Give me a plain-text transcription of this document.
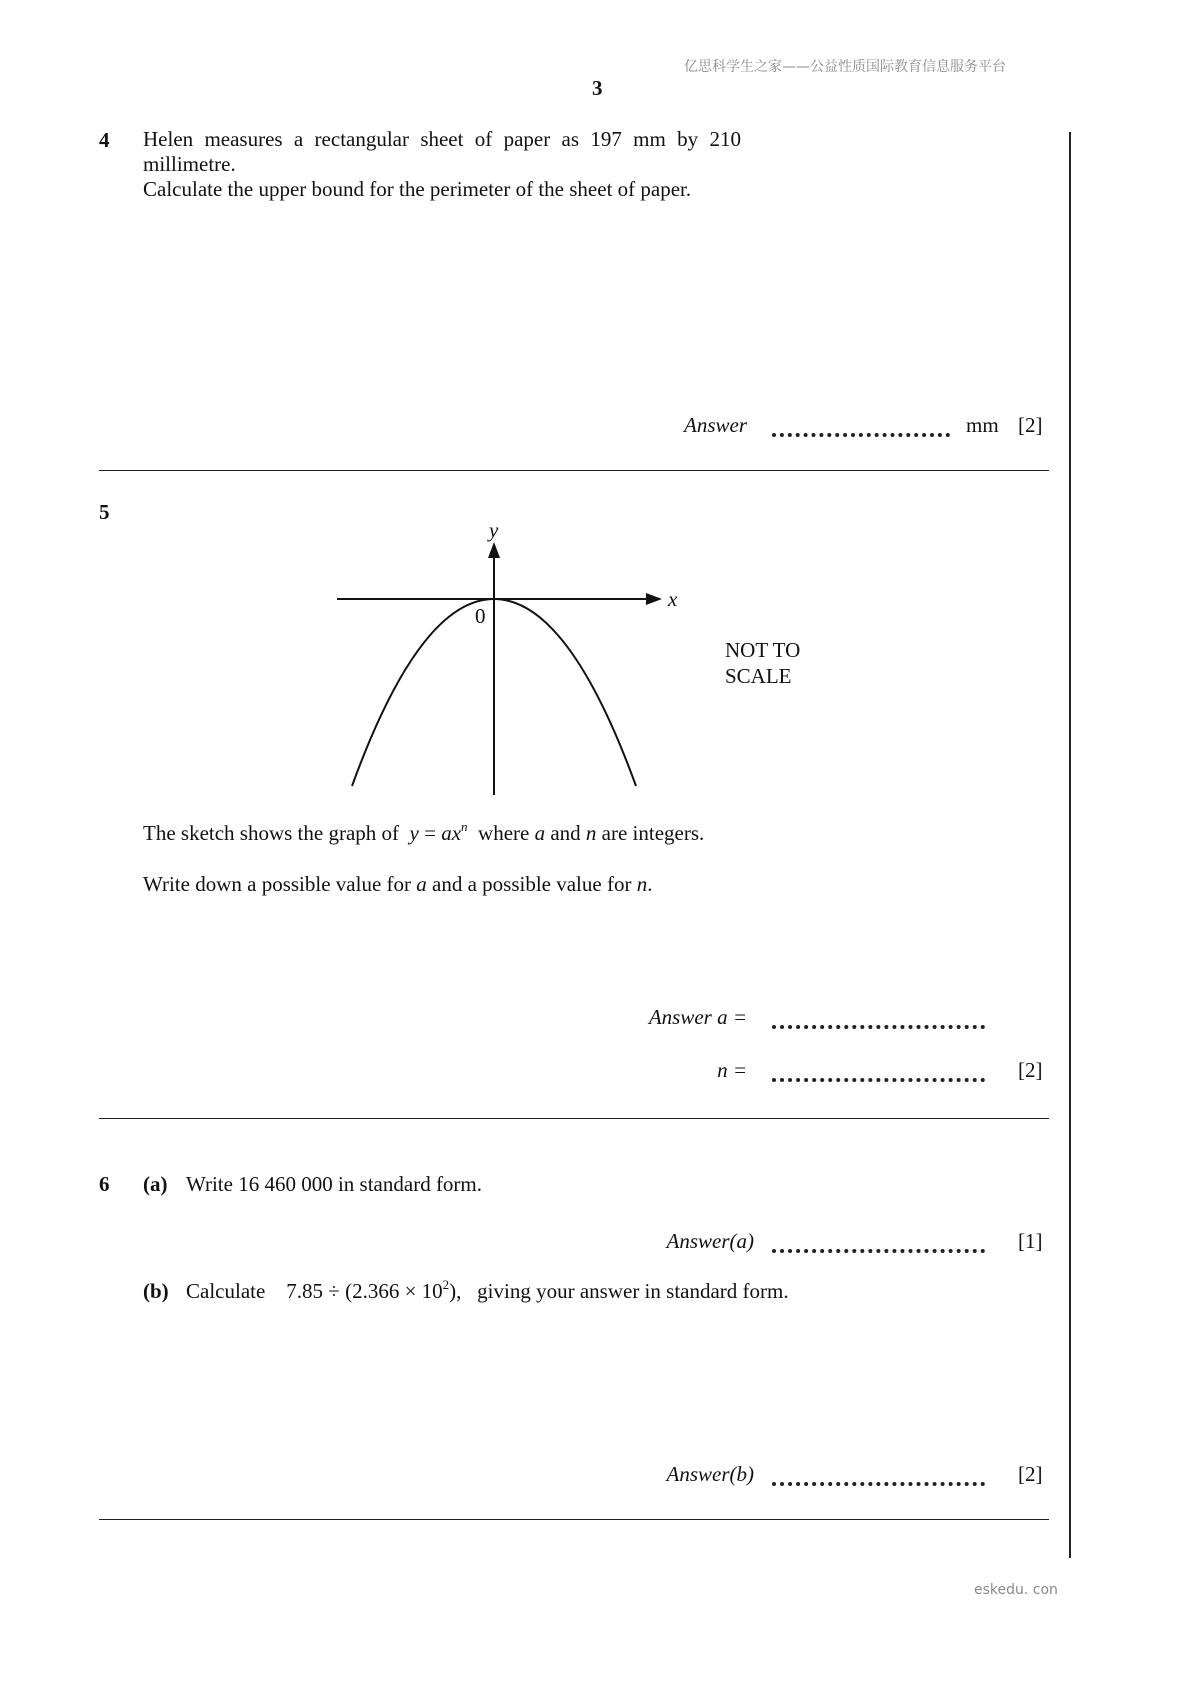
亿思科学生之家——公益性质国际教育信息服务平台
3
4 Helen measures a rectangular sheet of paper as 197 mm by 210
millimetre.
Calculate the upper bound for the perimeter of the sheet of paper.
Answer	mm [2]
5
y
x
0
NOT TO
SCALE
The sketch shows the graph of $y = ax^n$ where a and n are integers.
Write down a possible value for a and a possible value for n.
Answer a =
n =	[2]
6 (a) Write 16 460 000 in standard form.
Answer(a)	[1]
(b) Calculate $7.85 \div (2.366 \times 10^2)$, giving your answer in standard form.
Answer(b)	[2]
eskedu. con
